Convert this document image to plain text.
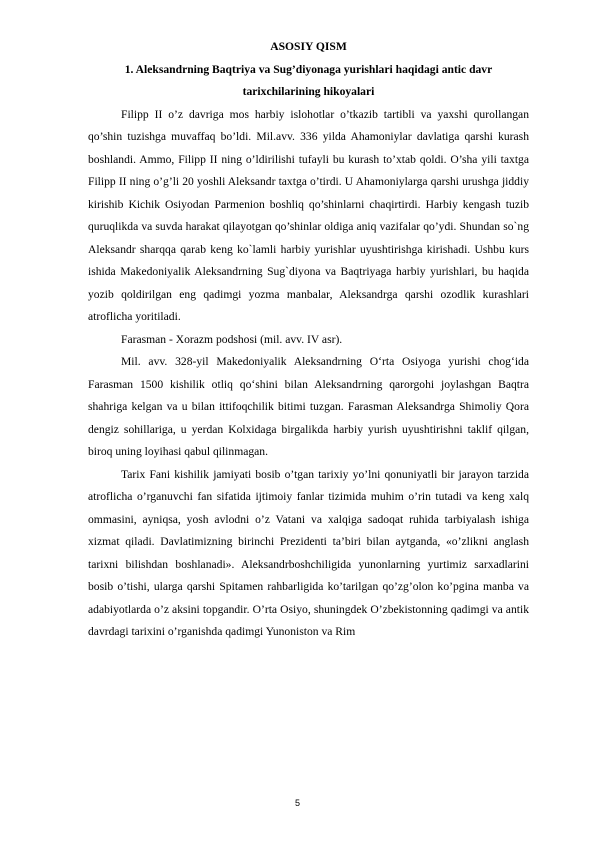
ASOSIY QISM

1. Aleksandrning Baqtriya va Sug’diyonaga yurishlari haqidagi antic davr tarixchilarining hikoyalari

Filipp II o’z davriga mos harbiy islohotlar o’tkazib tartibli va yaxshi qurollangan qo’shin tuzishga muvaffaq bo’ldi. Mil.avv. 336 yilda Ahamoniylar davlatiga qarshi kurash boshlandi. Ammo, Filipp II ning o’ldirilishi tufayli bu kurash to’xtab qoldi. O’sha yili taxtga Filipp II ning o’g’li 20 yoshli Aleksandr taxtga o’tirdi. U Ahamoniylarga qarshi urushga jiddiy kirishib Kichik Osiyodan Parmenion boshliq qo’shinlarni chaqirtirdi. Harbiy kengash tuzib quruqlikda va suvda harakat qilayotgan qo’shinlar oldiga aniq vazifalar qo’ydi. Shundan so`ng Aleksandr sharqqa qarab keng ko`lamli harbiy yurishlar uyushtirishga kirishadi. Ushbu kurs ishida Makedoniyalik Aleksandrning Sug`diyona va Baqtriyaga harbiy yurishlari, bu haqida yozib qoldirilgan eng qadimgi yozma manbalar, Aleksandrga qarshi ozodlik kurashlari atroflicha yoritiladi.

Farasman - Xorazm podshosi (mil. avv. IV asr).

Mil. avv. 328-yil Makedoniyalik Aleksandrning O‘rta Osiyoga yurishi chog‘ida Farasman 1500 kishilik otliq qo‘shini bilan Aleksandrning qarorgohi joylashgan Baqtra shahriga kelgan va u bilan ittifoqchilik bitimi tuzgan. Farasman Aleksandrga Shimoliy Qora dengiz sohillariga, u yerdan Kolxidaga birgalikda harbiy yurish uyushtirishni taklif qilgan, biroq uning loyihasi qabul qilinmagan.

Tarix Fani kishilik jamiyati bosib o’tgan tarixiy yo’lni qonuniyatli bir jarayon tarzida atroflicha o’rganuvchi fan sifatida ijtimoiy fanlar tizimida muhim o’rin tutadi va keng xalq ommasini, ayniqsa, yosh avlodni o’z Vatani va xalqiga sadoqat ruhida tarbiyalash ishiga xizmat qiladi. Davlatimizning birinchi Prezidenti ta’biri bilan aytganda, «o’zlikni anglash tarixni bilishdan boshlanadi». Aleksandrboshchiligida yunonlarning yurtimiz sarxadlarini bosib o’tishi, ularga qarshi Spitamen rahbarligida ko’tarilgan qo’zg’olon ko’pgina manba va adabiyotlarda o’z aksini topgandir. O’rta Osiyo, shuningdek O’zbekistonning qadimgi va antik davrdagi tarixini o’rganishda qadimgi Yunoniston va Rim

5
